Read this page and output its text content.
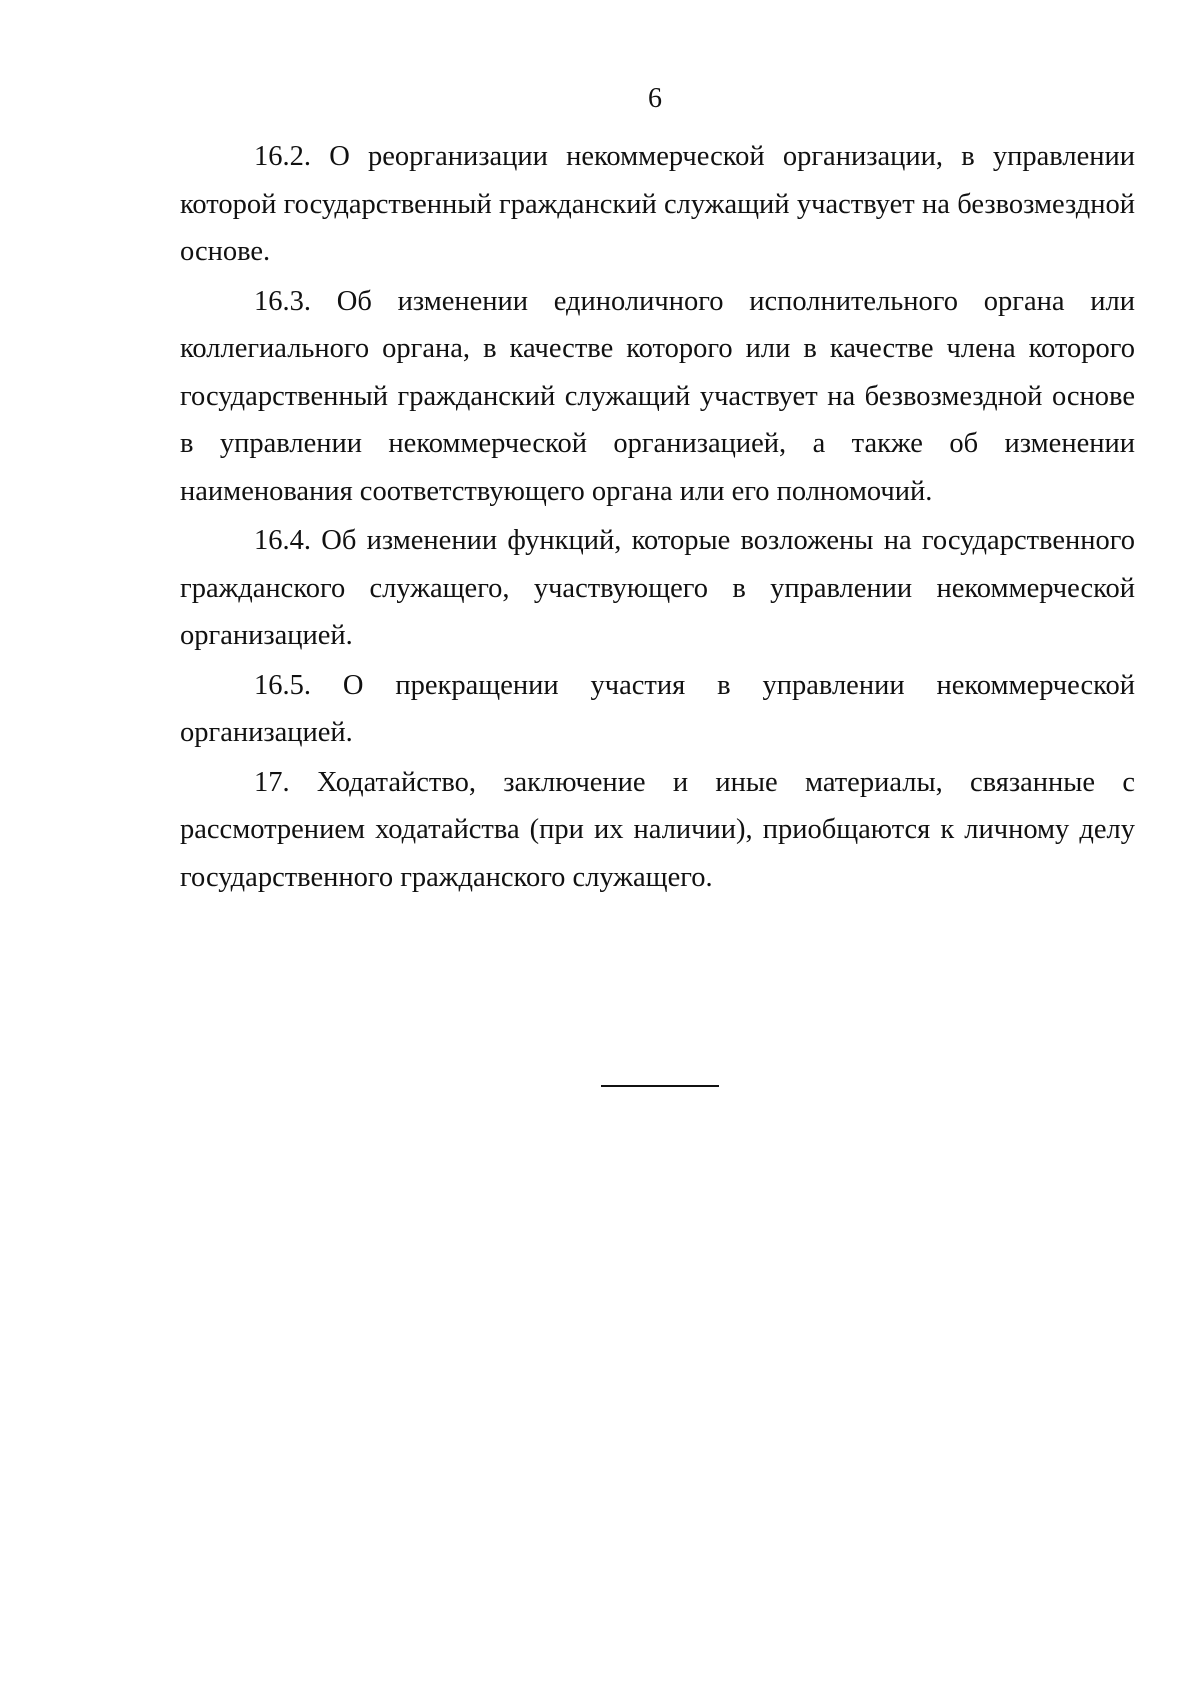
6

16.2. О реорганизации некоммерческой организации, в управлении которой государственный гражданский служащий участвует на безвозмездной основе.

16.3. Об изменении единоличного исполнительного органа или коллегиального органа, в качестве которого или в качестве члена которого государственный гражданский служащий участвует на безвозмездной основе в управлении некоммерческой организацией, а также об изменении наименования соответствующего органа или его полномочий.

16.4. Об изменении функций, которые возложены на государственного гражданского служащего, участвующего в управлении некоммерческой организацией.

16.5. О прекращении участия в управлении некоммерческой организацией.

17. Ходатайство, заключение и иные материалы, связанные с рассмотрением ходатайства (при их наличии), приобщаются к личному делу государственного гражданского служащего.
